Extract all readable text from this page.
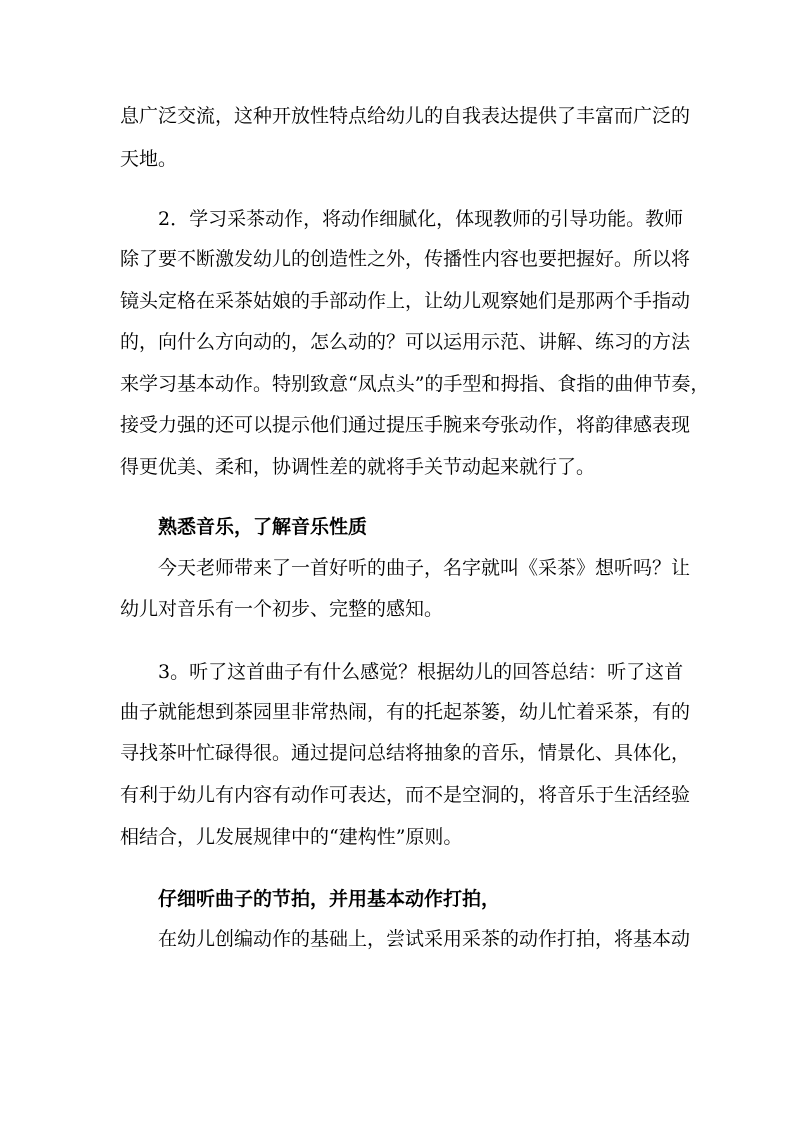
息广泛交流，这种开放性特点给幼儿的自我表达提供了丰富而广泛的
天地。
2．学习采茶动作，将动作细腻化，体现教师的引导功能。教师
除了要不断激发幼儿的创造性之外，传播性内容也要把握好。所以将
镜头定格在采茶姑娘的手部动作上，让幼儿观察她们是那两个手指动
的，向什么方向动的，怎么动的？可以运用示范、讲解、练习的方法
来学习基本动作。特别致意“凤点头”的手型和拇指、食指的曲伸节奏，
接受力强的还可以提示他们通过提压手腕来夸张动作，将韵律感表现
得更优美、柔和，协调性差的就将手关节动起来就行了。
熟悉音乐，了解音乐性质
今天老师带来了一首好听的曲子，名字就叫《采茶》想听吗？让
幼儿对音乐有一个初步、完整的感知。
3。听了这首曲子有什么感觉？根据幼儿的回答总结：听了这首
曲子就能想到茶园里非常热闹，有的托起茶篓，幼儿忙着采茶，有的
寻找茶叶忙碌得很。通过提问总结将抽象的音乐，情景化、具体化，
有利于幼儿有内容有动作可表达，而不是空洞的，将音乐于生活经验
相结合，儿发展规律中的“建构性”原则。
仔细听曲子的节拍，并用基本动作打拍，
在幼儿创编动作的基础上，尝试采用采茶的动作打拍，将基本动
